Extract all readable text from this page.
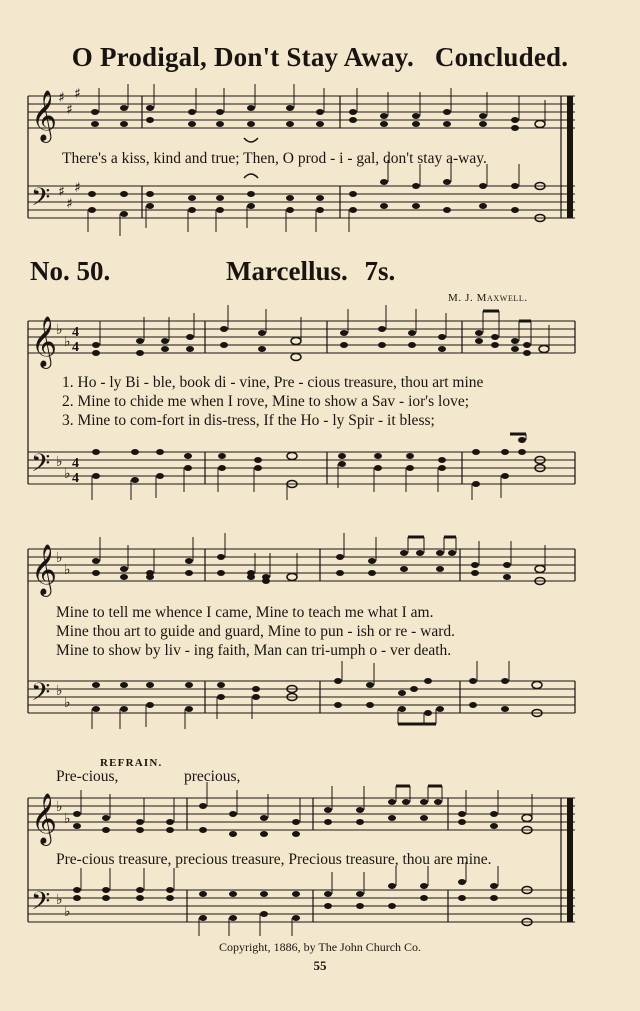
O Prodigal, Don't Stay Away. Concluded.
𝄞
𝄢
♯
♯
♯
♯
♯
♯
There's a kiss, kind and true; Then, O prod - i - gal, don't stay a-way.
No. 50.	Marcellus. 7s.
M. J. Maxwell.
𝄞
𝄢
♭
♭
♭
♭
4
4
4
4
1. Ho - ly Bi - ble, book di - vine, Pre - cious treasure, thou art mine
2. Mine to chide me when I rove, Mine to show a Sav - ior's love;
3. Mine to com-fort in dis-tress, If the Ho - ly Spir - it bless;
𝄞
𝄢
♭
♭
♭
♭
Mine to tell me whence I came, Mine to teach me what I am.
Mine thou art to guide and guard, Mine to pun - ish or re - ward.
Mine to show by liv - ing faith, Man can tri-umph o - ver death.
REFRAIN.
Pre-cious,	precious,
𝄞
𝄢
♭
♭
♭
♭
Pre-cious treasure, precious treasure, Precious treasure, thou are mine.
Copyright, 1886, by The John Church Co.
55
